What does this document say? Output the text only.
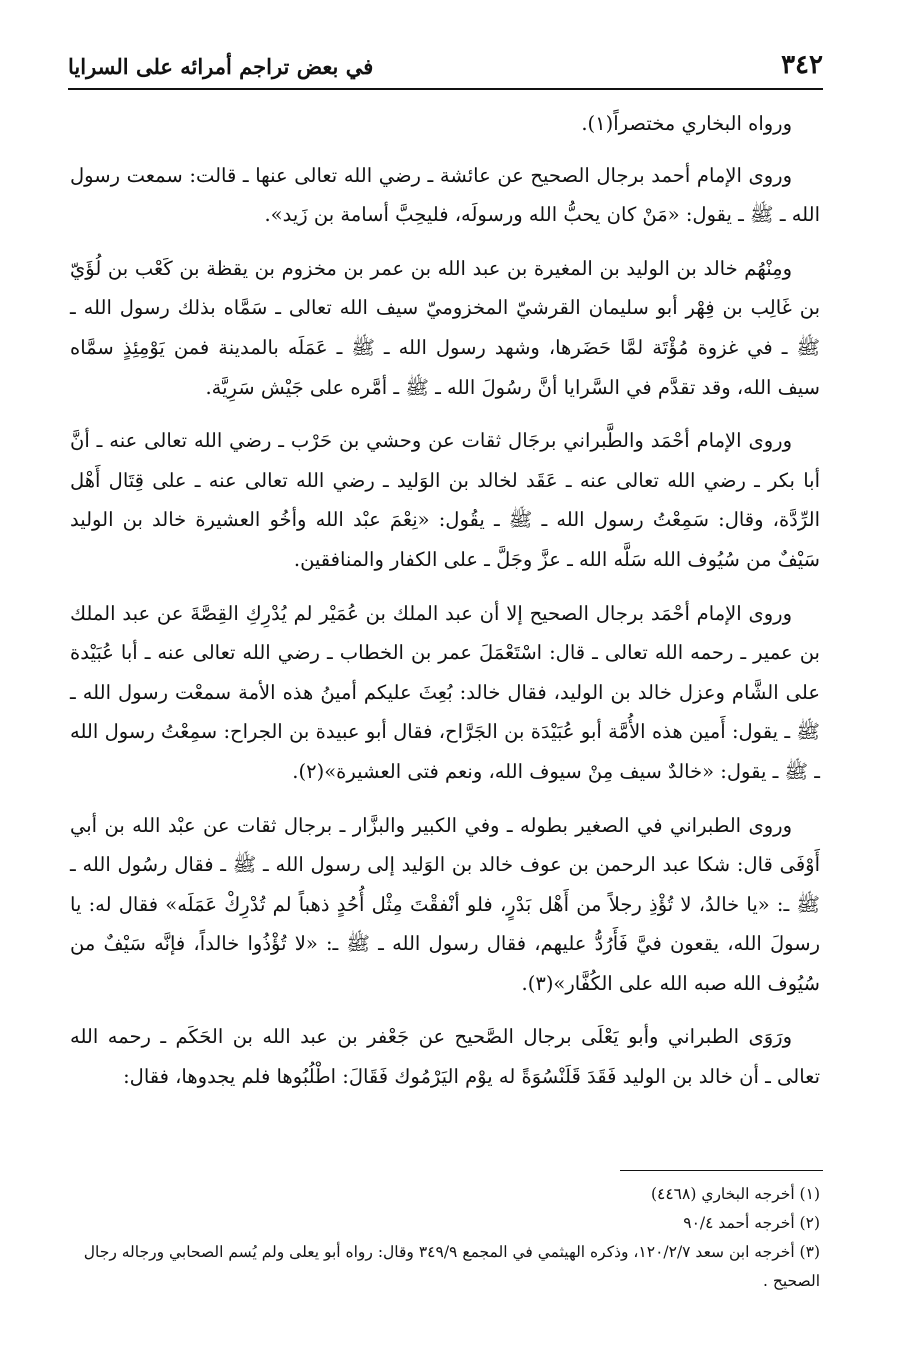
٣٤٢
في بعض تراجم أمرائه على السرايا

ورواه البخاري مختصراً(١).

وروى الإمام أحمد برجال الصحيح عن عائشة ـ رضي الله تعالى عنها ـ قالت: سمعت رسول الله ـ ﷺ ـ يقول: «مَنْ كان يحبُّ الله ورسولَه، فليحِبَّ أسامة بن زَيد».

ومِنْهُم خالد بن الوليد بن المغيرة بن عبد الله بن عمر بن مخزوم بن يقظة بن كَعْب بن لُؤَيّ بن غَالِب بن فِهْر أبو سليمان القرشيّ المخزوميّ سيف الله تعالى ـ سَمَّاه بذلك رسول الله ـ ﷺ ـ في غزوة مُؤْتَة لمَّا حَضَرها، وشهد رسول الله ـ ﷺ ـ عَمَلَه بالمدينة فمن يَوْمِئِذٍ سمَّاه سيف الله، وقد تقدَّم في السَّرايا أنَّ رسُولَ الله ـ ﷺ ـ أمَّره على جَيْش سَرِيَّة.

وروى الإمام أحْمَد والطَّبراني برجَال ثقات عن وحشي بن حَرْب ـ رضي الله تعالى عنه ـ أنَّ أبا بكر ـ رضي الله تعالى عنه ـ عَقَد لخالد بن الوَليد ـ رضي الله تعالى عنه ـ على قِتَال أَهْل الرِّدَّة، وقال: سَمِعْتُ رسول الله ـ ﷺ ـ يقُول: «نِعْمَ عبْد الله وأخُو العشيرة خالد بن الوليد سَيْفٌ من سُيُوف الله سَلَّه الله ـ عزَّ وجَلَّ ـ على الكفار والمنافقين.

وروى الإمام أحْمَد برجال الصحيح إلا أن عبد الملك بن عُمَيْر لم يُدْرِكِ القِصَّةَ عن عبد الملك بن عمير ـ رحمه الله تعالى ـ قال: اسْتَعْمَلَ عمر بن الخطاب ـ رضي الله تعالى عنه ـ أبا عُبَيْدة على الشَّام وعزل خالد بن الوليد، فقال خالد: بُعِثَ عليكم أمينُ هذه الأمة سمعْت رسول الله ـ ﷺ ـ يقول: أَمين هذه الأُمَّة أبو عُبَيْدَة بن الجَرَّاح، فقال أبو عبيدة بن الجراح: سمِعْتُ رسول الله ـ ﷺ ـ يقول: «خالدٌ سيف مِنْ سيوف الله، ونعم فتى العشيرة»(٢).

وروى الطبراني في الصغير بطوله ـ وفي الكبير والبزَّار ـ برجال ثقات عن عبْد الله بن أبي أَوْفَى قال: شكا عبد الرحمن بن عوف خالد بن الوَليد إلى رسول الله ـ ﷺ ـ فقال رسُول الله ـ ﷺ ـ: «يا خالدُ، لا تُؤْذِ رجلاً من أَهْل بَدْرٍ، فلو أنْفقْتَ مِثْل أُحُدٍ ذهباً لم تُدْرِكْ عَمَلَه» فقال له: يا رسولَ الله، يقعون فيَّ فَأَرُدُّ عليهم، فقال رسول الله ـ ﷺ ـ: «لا تُؤْذُوا خالداً، فإنَّه سَيْفٌ من سُيُوف الله صبه الله على الكُفَّار»(٣).

ورَوَى الطبراني وأبو يَعْلَى برجال الصَّحيح عن جَعْفر بن عبد الله بن الحَكَم ـ رحمه الله تعالى ـ أن خالد بن الوليد فَقَدَ قَلَنْسُوَةً له يوْم اليَرْمُوك فَقَالَ: اطْلُبُوها فلم يجدوها، فقال:

(١) أخرجه البخاري (٤٤٦٨)
(٢) أخرجه أحمد ٩٠/٤
(٣) أخرجه ابن سعد ١٢٠/٢/٧، وذكره الهيثمي في المجمع ٣٤٩/٩ وقال: رواه أبو يعلى ولم يُسم الصحابي ورجاله رجال الصحيح .
